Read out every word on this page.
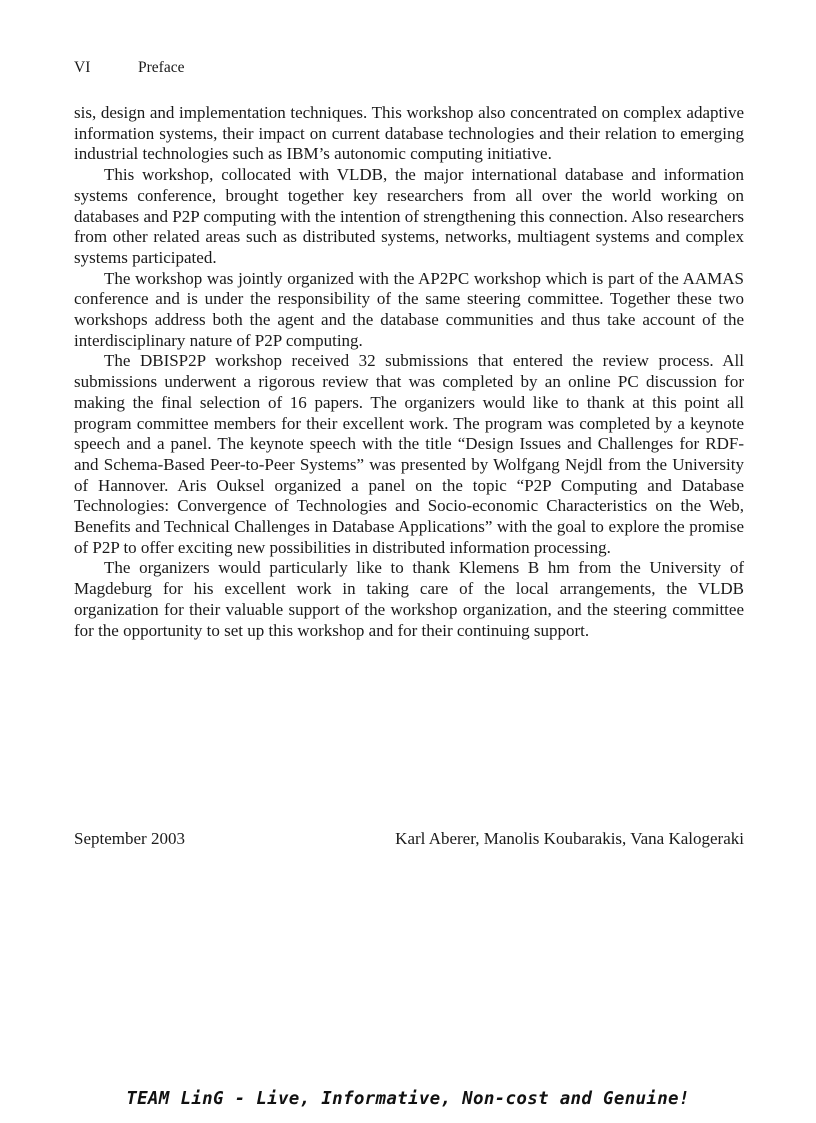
VI	Preface

sis, design and implementation techniques. This workshop also concentrated on complex adaptive information systems, their impact on current database technologies and their relation to emerging industrial technologies such as IBM’s autonomic computing initiative.

This workshop, collocated with VLDB, the major international database and information systems conference, brought together key researchers from all over the world working on databases and P2P computing with the intention of strengthening this connection. Also researchers from other related areas such as distributed systems, networks, multiagent systems and complex systems participated.

The workshop was jointly organized with the AP2PC workshop which is part of the AAMAS conference and is under the responsibility of the same steering committee. Together these two workshops address both the agent and the database communities and thus take account of the interdisciplinary nature of P2P computing.

The DBISP2P workshop received 32 submissions that entered the review process. All submissions underwent a rigorous review that was completed by an online PC discussion for making the final selection of 16 papers. The organizers would like to thank at this point all program committee members for their excellent work. The program was completed by a keynote speech and a panel. The keynote speech with the title “Design Issues and Challenges for RDF- and Schema-Based Peer-to-Peer Systems” was presented by Wolfgang Nejdl from the University of Hannover. Aris Ouksel organized a panel on the topic “P2P Computing and Database Technologies: Convergence of Technologies and Socio-economic Characteristics on the Web, Benefits and Technical Challenges in Database Applications” with the goal to explore the promise of P2P to offer exciting new possibilities in distributed information processing.

The organizers would particularly like to thank Klemens B hm from the University of Magdeburg for his excellent work in taking care of the local arrangements, the VLDB organization for their valuable support of the workshop organization, and the steering committee for the opportunity to set up this workshop and for their continuing support.

September 2003	Karl Aberer, Manolis Koubarakis, Vana Kalogeraki
TEAM LinG - Live, Informative, Non-cost and Genuine!
